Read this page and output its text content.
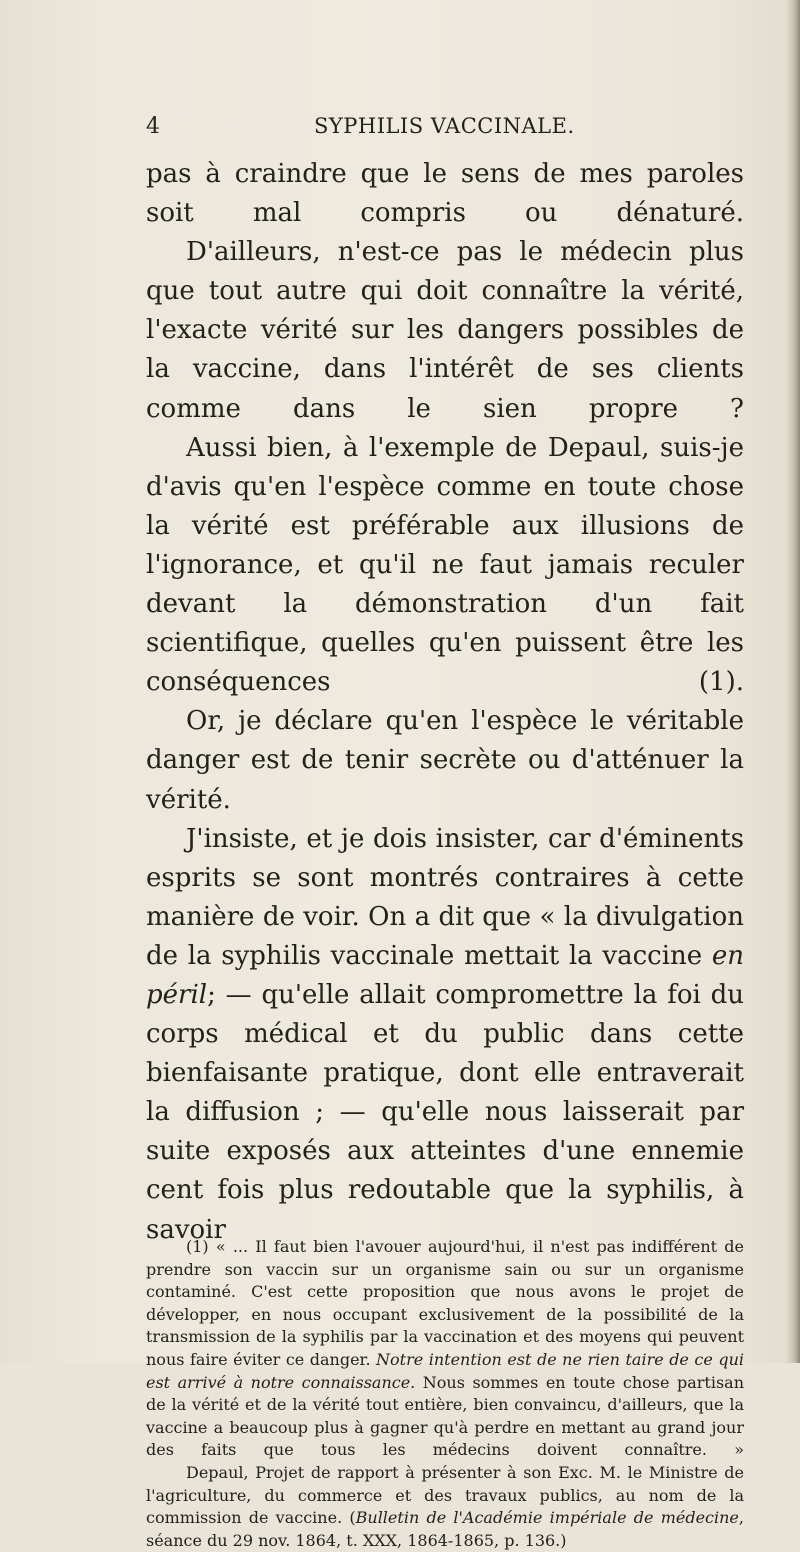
4	SYPHILIS VACCINALE.

pas à craindre que le sens de mes paroles soit mal compris ou dénaturé.

D'ailleurs, n'est-ce pas le médecin plus que tout autre qui doit connaître la vérité, l'exacte vérité sur les dangers possibles de la vaccine, dans l'intérêt de ses clients comme dans le sien propre ?

Aussi bien, à l'exemple de Depaul, suis-je d'avis qu'en l'espèce comme en toute chose la vérité est préférable aux illusions de l'ignorance, et qu'il ne faut jamais reculer devant la démonstration d'un fait scientifique, quelles qu'en puissent être les conséquences (1).

Or, je déclare qu'en l'espèce le véritable danger est de tenir secrète ou d'atténuer la vérité.

J'insiste, et je dois insister, car d'éminents esprits se sont montrés contraires à cette manière de voir. On a dit que « la divulgation de la syphilis vaccinale mettait la vaccine en péril; — qu'elle allait compromettre la foi du corps médical et du public dans cette bienfaisante pratique, dont elle entraverait la diffusion ; — qu'elle nous laisserait par suite exposés aux atteintes d'une ennemie cent fois plus redoutable que la syphilis, à savoir

(1) « ... Il faut bien l'avouer aujourd'hui, il n'est pas indifférent de prendre son vaccin sur un organisme sain ou sur un organisme contaminé. C'est cette proposition que nous avons le projet de développer, en nous occupant exclusivement de la possibilité de la transmission de la syphilis par la vaccination et des moyens qui peuvent nous faire éviter ce danger. Notre intention est de ne rien taire de ce qui est arrivé à notre connaissance. Nous sommes en toute chose partisan de la vérité et de la vérité tout entière, bien convaincu, d'ailleurs, que la vaccine a beaucoup plus à gagner qu'à perdre en mettant au grand jour des faits que tous les médecins doivent connaître. »

Depaul, Projet de rapport à présenter à son Exc. M. le Ministre de l'agriculture, du commerce et des travaux publics, au nom de la commission de vaccine. (Bulletin de l'Académie impériale de médecine, séance du 29 nov. 1864, t. XXX, 1864-1865, p. 136.)
